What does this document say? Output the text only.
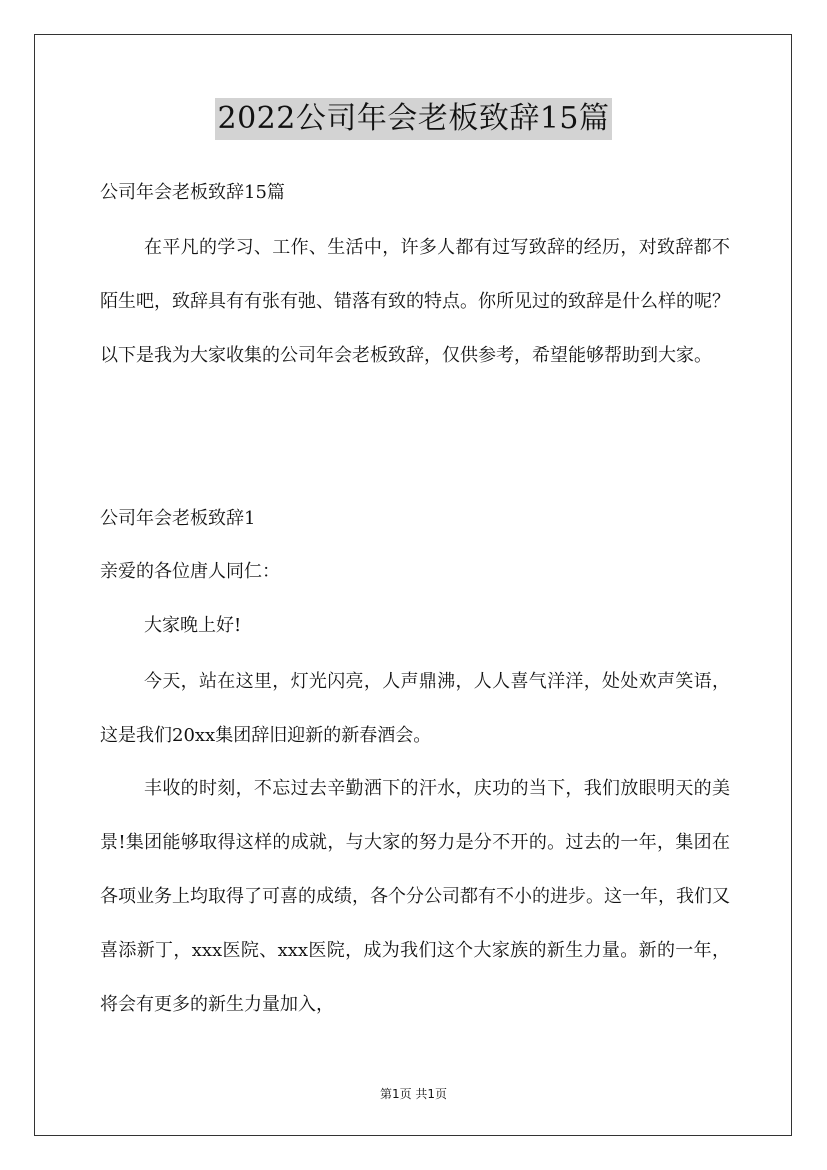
2022公司年会老板致辞15篇
公司年会老板致辞15篇
在平凡的学习、工作、生活中，许多人都有过写致辞的经历，对致辞都不陌生吧，致辞具有有张有弛、错落有致的特点。你所见过的致辞是什么样的呢？以下是我为大家收集的公司年会老板致辞，仅供参考，希望能够帮助到大家。
公司年会老板致辞1
亲爱的各位唐人同仁：
大家晚上好!
今天，站在这里，灯光闪亮，人声鼎沸，人人喜气洋洋，处处欢声笑语，这是我们20xx集团辞旧迎新的新春酒会。
丰收的时刻，不忘过去辛勤洒下的汗水，庆功的当下，我们放眼明天的美景!集团能够取得这样的成就，与大家的努力是分不开的。过去的一年，集团在各项业务上均取得了可喜的成绩，各个分公司都有不小的进步。这一年，我们又喜添新丁，xxx医院、xxx医院，成为我们这个大家族的新生力量。新的一年，将会有更多的新生力量加入，
第1页 共1页
